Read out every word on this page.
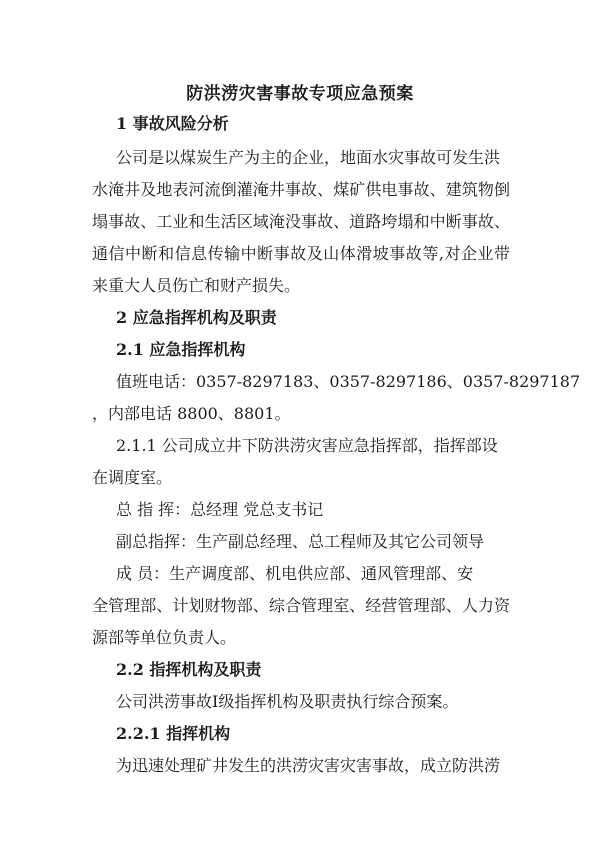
防洪涝灾害事故专项应急预案
1 事故风险分析
公司是以煤炭生产为主的企业，地面水灾事故可发生洪
水淹井及地表河流倒灌淹井事故、煤矿供电事故、建筑物倒
塌事故、工业和生活区域淹没事故、道路垮塌和中断事故、
通信中断和信息传输中断事故及山体滑坡事故等,对企业带
来重大人员伤亡和财产损失。
2 应急指挥机构及职责
2.1 应急指挥机构
值班电话：0357-8297183、0357-8297186、0357-8297187
，内部电话 8800、8801。
2.1.1 公司成立井下防洪涝灾害应急指挥部，指挥部设
在调度室。
总 指 挥：总经理 党总支书记
副总指挥：生产副总经理、总工程师及其它公司领导
成 员：生产调度部、机电供应部、通风管理部、安
全管理部、计划财物部、综合管理室、经营管理部、人力资
源部等单位负责人。
2.2 指挥机构及职责
公司洪涝事故Ⅰ级指挥机构及职责执行综合预案。
2.2.1 指挥机构
为迅速处理矿井发生的洪涝灾害灾害事故，成立防洪涝
